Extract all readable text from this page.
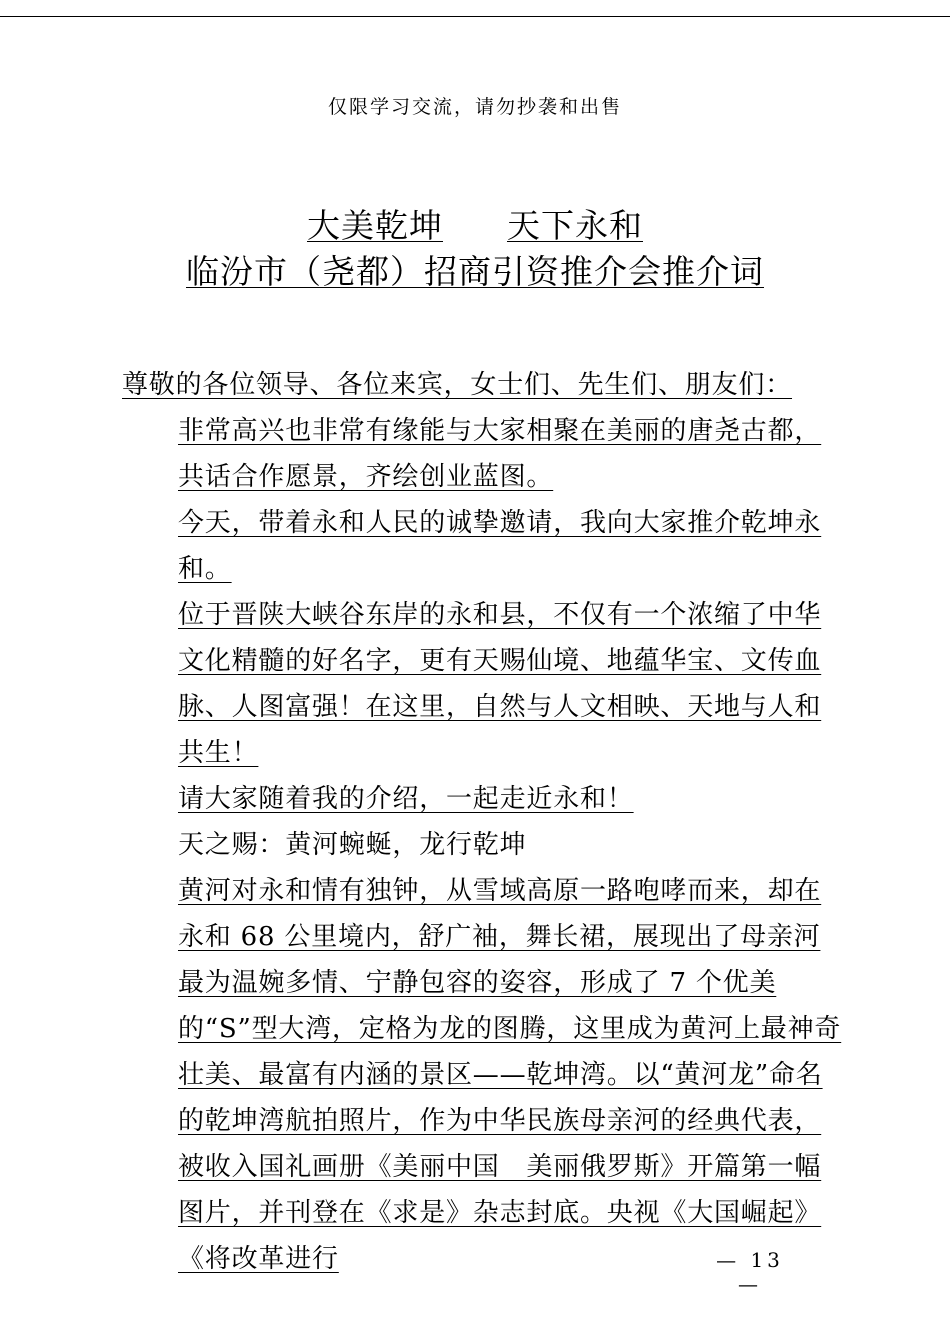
仅限学习交流，请勿抄袭和出售
大美乾坤 天下永和
临汾市（尧都）招商引资推介会推介词

尊敬的各位领导、各位来宾，女士们、先生们、朋友们：

非常高兴也非常有缘能与大家相聚在美丽的唐尧古都，共话合作愿景，齐绘创业蓝图。

今天，带着永和人民的诚挚邀请，我向大家推介乾坤永和。

位于晋陕大峡谷东岸的永和县，不仅有一个浓缩了中华文化精髓的好名字，更有天赐仙境、地蕴华宝、文传血脉、人图富强！在这里，自然与人文相映、天地与人和共生！

请大家随着我的介绍，一起走近永和！

天之赐：黄河蜿蜒，龙行乾坤

黄河对永和情有独钟，从雪域高原一路咆哮而来，却在永和 68 公里境内，舒广袖，舞长裙，展现出了母亲河最为温婉多情、宁静包容的姿容，形成了 7 个优美的“S”型大湾，定格为龙的图腾，这里成为黄河上最神奇壮美、最富有内涵的景区——乾坤湾。以“黄河龙”命名的乾坤湾航拍照片，作为中华民族母亲河的经典代表，被收入国礼画册《美丽中国　美丽俄罗斯》开篇第一幅图片，并刊登在《求是》杂志封底。央视《大国崛起》《将改革进行	— 13 —
